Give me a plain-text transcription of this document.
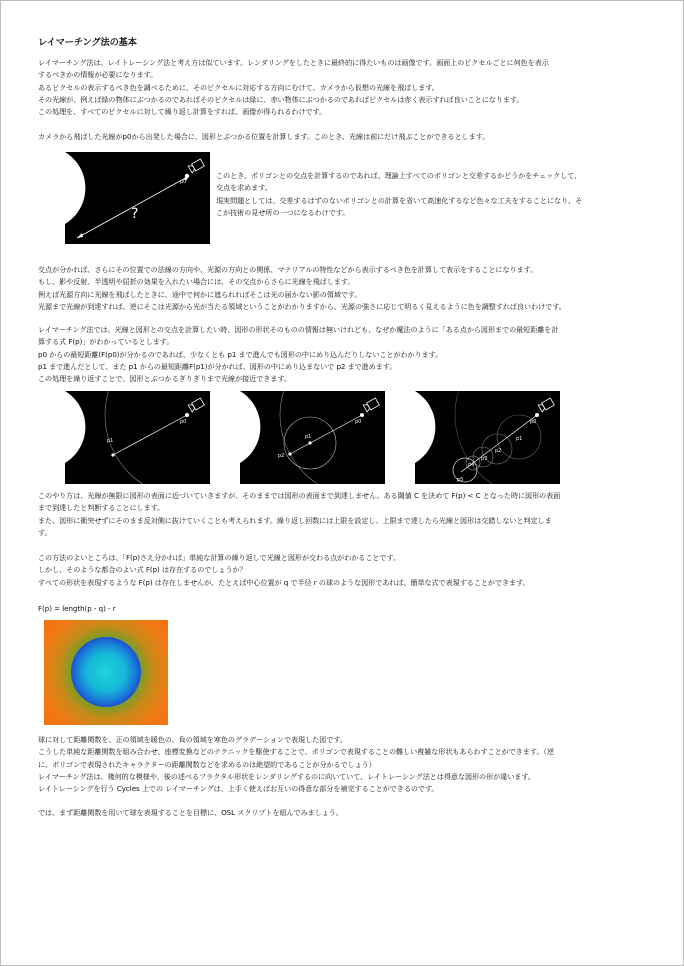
レイマーチング法の基本
レイマーチング法は、レイトレーシング法と考え方は似ています。レンダリングをしたときに最終的に得たいものは画像です。画面上のピクセルごとに何色を表示
するべきかの情報が必要になります。
あるピクセルの表示するべき色を調べるために、そのピクセルに対応する方向にむけて、カメラから仮想の光線を飛ばします。
その光線が、例えば緑の物体にぶつかるのであればそのピクセルは緑に、赤い物体にぶつかるのであればピクセルは赤く表示すれば良いことになります。
この処理を、すべてのピクセルに対して繰り返し計算をすれば、画像が得られるわけです。
カメラから飛ばした光線がp0から出発した場合に、図形とぶつかる位置を計算します。このとき、光線は前にだけ飛ぶことができるとします。
p0
?
このとき、ポリゴンとの交点を計算するのであれば、理論上すべてのポリゴンと交差するかどうかをチェックして、
交点を求めます。
現実問題としては、交差するはずのないポリゴンとの計算を省いて高速化するなど色々な工夫をすることになり、そ
こが技術の見せ所の一つになるわけです。
交点が分かれば、さらにその位置での法線の方向や、光源の方向との関係、マテリアルの特性などから表示するべき色を計算して表示をすることになります。
もし、影や反射、半透明や屈折の効果を入れたい場合には、その交点からさらに光線を飛ばします。
例えば光源方向に光線を飛ばしたときに、途中で何かに遮られればそこは光の届かない影の領域です。
光源まで光線が到達すれば、逆にそこは光源から光が当たる領域ということがわかりますから、光源の強さに応じて明るく見えるように色を調整すれば良いわけです。
レイマーチング法では、光線と図形との交点を計算したい時、図形の形状そのものの情報は無いけれども、なぜか魔法のように「ある点から図形までの最短距離を計
算する式 F(p)」がわかっているとします。
p0 からの最短距離(F(p0)が分かるのであれば、少なくとも p1 まで進んでも図形の中にめり込んだりしないことがわかります。
p1 まで進んだとして、また p1 からの最短距離F(p1)が分かれば、図形の中にめり込まないで p2 まで進めます。
この処理を繰り返すことで、図形とぶつかるぎりぎりまで光線が接近できます。
p0
p1
p0
p1
p2
p0
p1
p2
p3
p4
p5
このやり方は、光線が無限に図形の表面に近づいていきますが、そのままでは図形の表面まで到達しません。ある閾値 C を決めて F(p) < C となった時に図形の表面
まで到達したと判断することにします。
また、図形に衝突せずにそのまま反対側に抜けていくことも考えられます。繰り返し回数には上限を設定し、上限まで達したら光線と図形は交錯しないと判定しま
す。
この方法のよいところは、「F(p)さえ分かれば」単純な計算の繰り返しで光線と図形が交わる点がわかることです。
しかし、そのような都合のよい式 F(p) は存在するのでしょうか？
すべての形状を表現するような F(p) は存在しませんが、たとえば中心位置が q で半径 r の球のような図形であれば、簡単な式で表現することができます。
F(p) = length(p - q) - r
球に対して距離関数を、正の領域を暖色の、負の領域を寒色のグラデーションで表現した図です。
こうした単純な距離関数を組み合わせ、座標変換などのテクニックを駆使することで、ポリゴンで表現することの難しい複雑な形状もあらわすことができます。（逆
に、ポリゴンで表現されたキャラクターの距離関数などを求めるのは絶望的であることが分かるでしょう）
レイマーチング法は、幾何的な模様や、後の述べるフラクタル形状をレンダリングするのに向いていて、レイトレーシング法とは得意な図形の形が違います。
レイトレーシングを行う Cycles 上での レイマーチングは、上手く使えばお互いの得意な部分を補完することができるのです。
では、まず距離関数を用いて球を表現することを目標に、OSL スクリプトを組んでみましょう。
